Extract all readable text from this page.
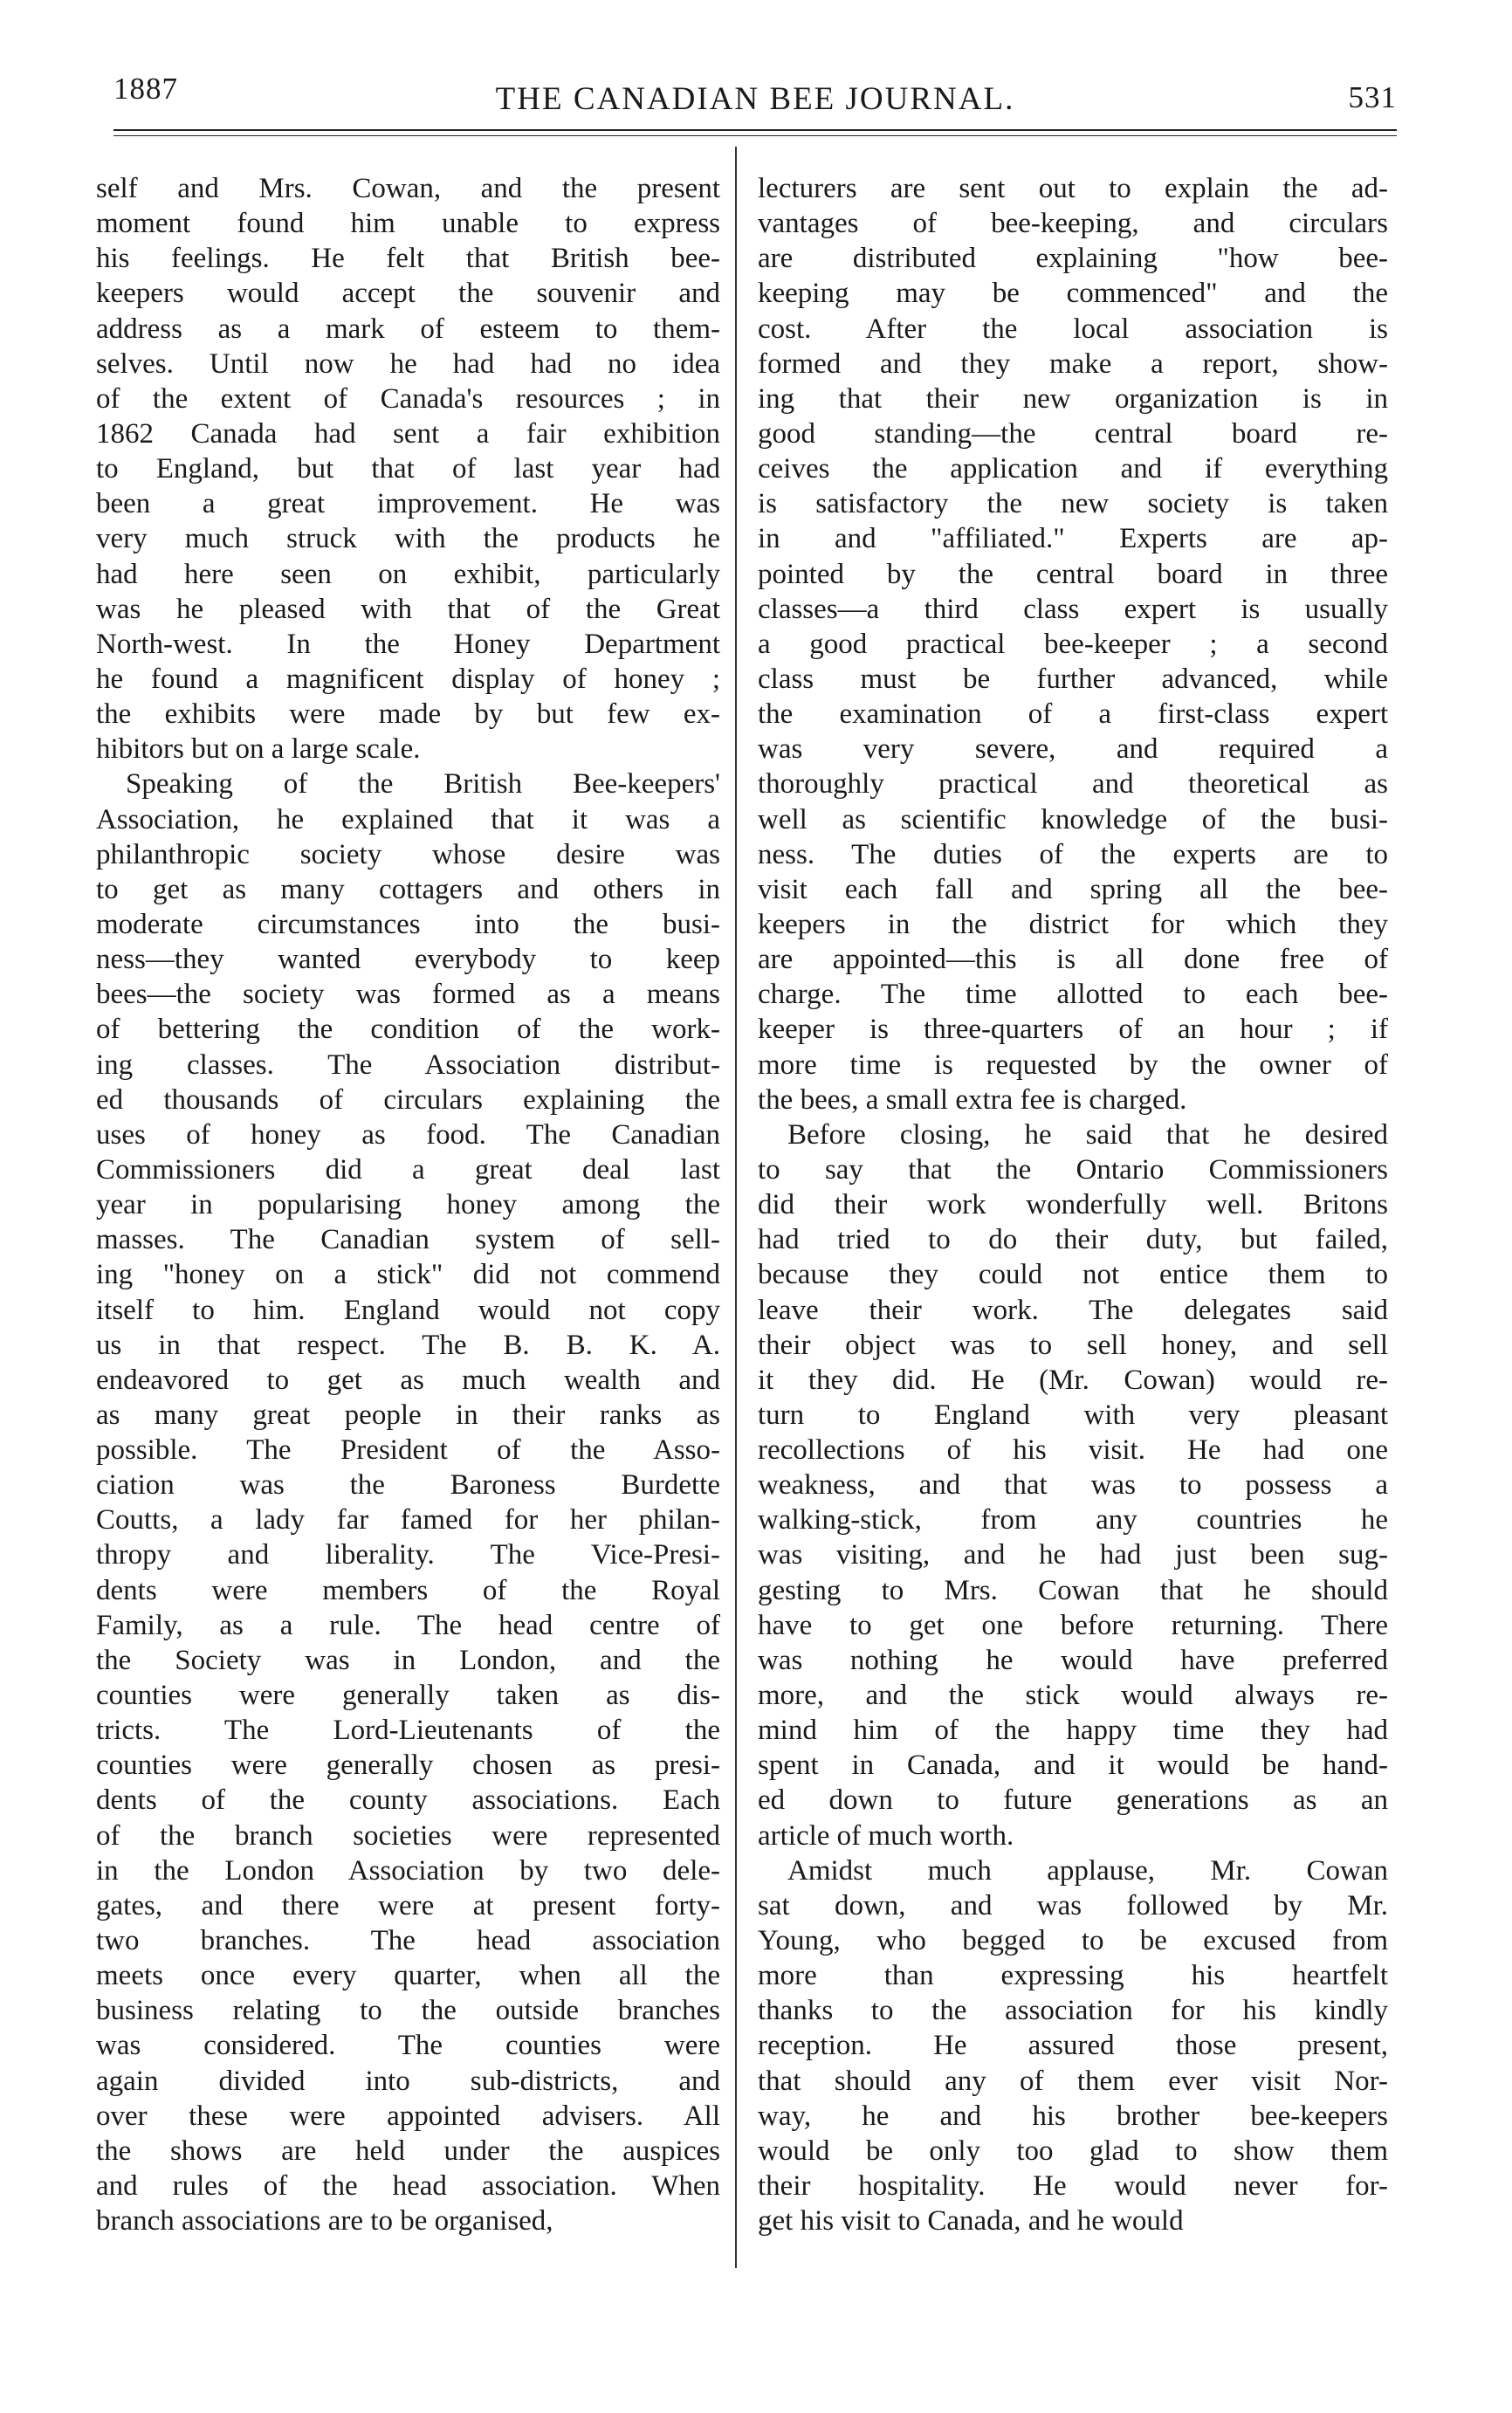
1887	THE CANADIAN BEE JOURNAL.	531
self and Mrs. Cowan, and the present
moment found him unable to express
his feelings. He felt that British bee-
keepers would accept the souvenir and
address as a mark of esteem to them-
selves. Until now he had had no idea
of the extent of Canada's resources ; in
1862 Canada had sent a fair exhibition
to England, but that of last year had
been a great improvement. He was
very much struck with the products he
had here seen on exhibit, particularly
was he pleased with that of the Great
North-west. In the Honey Department
he found a magnificent display of honey ;
the exhibits were made by but few ex-
hibitors but on a large scale.
Speaking of the British Bee-keepers'
Association, he explained that it was a
philanthropic society whose desire was
to get as many cottagers and others in
moderate circumstances into the busi-
ness—they wanted everybody to keep
bees—the society was formed as a means
of bettering the condition of the work-
ing classes. The Association distribut-
ed thousands of circulars explaining the
uses of honey as food. The Canadian
Commissioners did a great deal last
year in popularising honey among the
masses. The Canadian system of sell-
ing "honey on a stick" did not commend
itself to him. England would not copy
us in that respect. The B. B. K. A.
endeavored to get as much wealth and
as many great people in their ranks as
possible. The President of the Asso-
ciation was the Baroness Burdette
Coutts, a lady far famed for her philan-
thropy and liberality. The Vice-Presi-
dents were members of the Royal
Family, as a rule. The head centre of
the Society was in London, and the
counties were generally taken as dis-
tricts. The Lord-Lieutenants of the
counties were generally chosen as presi-
dents of the county associations. Each
of the branch societies were represented
in the London Association by two dele-
gates, and there were at present forty-
two branches. The head association
meets once every quarter, when all the
business relating to the outside branches
was considered. The counties were
again divided into sub-districts, and
over these were appointed advisers. All
the shows are held under the auspices
and rules of the head association. When
branch associations are to be organised,
lecturers are sent out to explain the ad-
vantages of bee-keeping, and circulars
are distributed explaining "how bee-
keeping may be commenced" and the
cost. After the local association is
formed and they make a report, show-
ing that their new organization is in
good standing—the central board re-
ceives the application and if everything
is satisfactory the new society is taken
in and "affiliated." Experts are ap-
pointed by the central board in three
classes—a third class expert is usually
a good practical bee-keeper ; a second
class must be further advanced, while
the examination of a first-class expert
was very severe, and required a
thoroughly practical and theoretical as
well as scientific knowledge of the busi-
ness. The duties of the experts are to
visit each fall and spring all the bee-
keepers in the district for which they
are appointed—this is all done free of
charge. The time allotted to each bee-
keeper is three-quarters of an hour ; if
more time is requested by the owner of
the bees, a small extra fee is charged.
Before closing, he said that he desired
to say that the Ontario Commissioners
did their work wonderfully well. Britons
had tried to do their duty, but failed,
because they could not entice them to
leave their work. The delegates said
their object was to sell honey, and sell
it they did. He (Mr. Cowan) would re-
turn to England with very pleasant
recollections of his visit. He had one
weakness, and that was to possess a
walking-stick, from any countries he
was visiting, and he had just been sug-
gesting to Mrs. Cowan that he should
have to get one before returning. There
was nothing he would have preferred
more, and the stick would always re-
mind him of the happy time they had
spent in Canada, and it would be hand-
ed down to future generations as an
article of much worth.
Amidst much applause, Mr. Cowan
sat down, and was followed by Mr.
Young, who begged to be excused from
more than expressing his heartfelt
thanks to the association for his kindly
reception. He assured those present,
that should any of them ever visit Nor-
way, he and his brother bee-keepers
would be only too glad to show them
their hospitality. He would never for-
get his visit to Canada, and he would
